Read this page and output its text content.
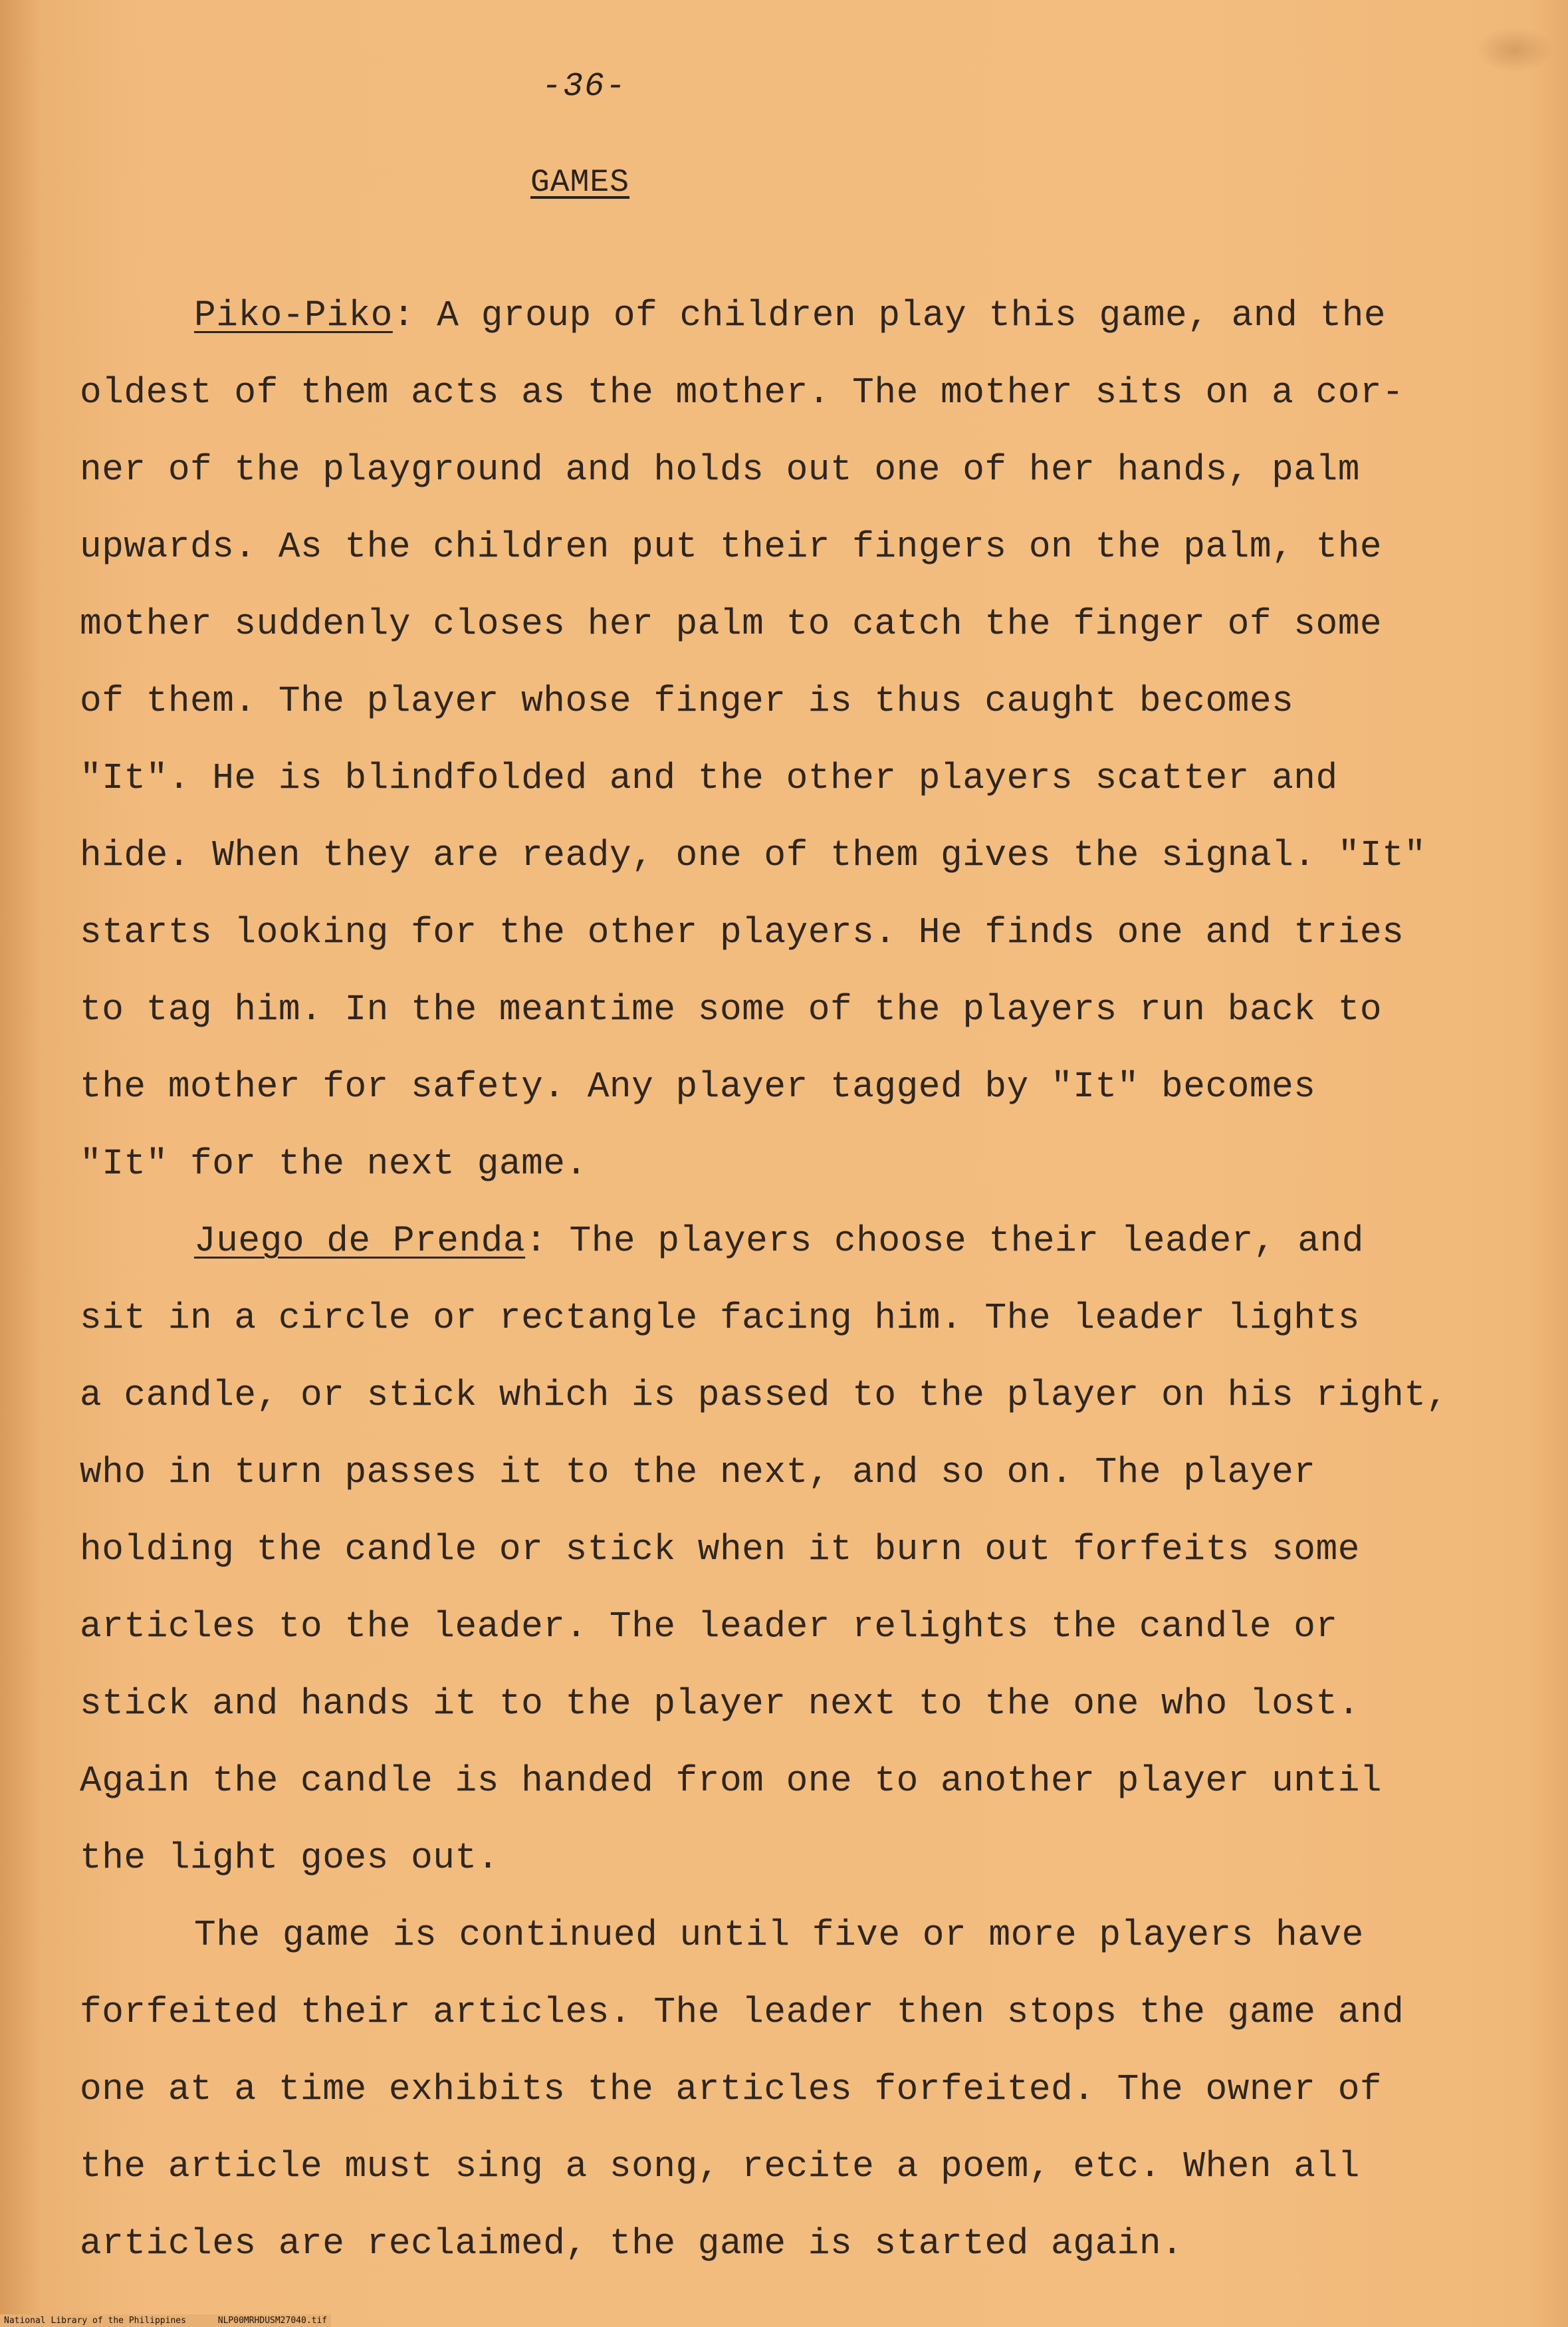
-36-
GAMES
Piko-Piko: A group of children play this game, and the
oldest of them acts as the mother. The mother sits on a cor-
ner of the playground and holds out one of her hands, palm
upwards. As the children put their fingers on the palm, the
mother suddenly closes her palm to catch the finger of some
of them. The player whose finger is thus caught becomes
"It". He is blindfolded and the other players scatter and
hide. When they are ready, one of them gives the signal. "It"
starts looking for the other players. He finds one and tries
to tag him. In the meantime some of the players run back to
the mother for safety. Any player tagged by "It" becomes
"It" for the next game.
Juego de Prenda: The players choose their leader, and
sit in a circle or rectangle facing him. The leader lights
a candle, or stick which is passed to the player on his right,
who in turn passes it to the next, and so on. The player
holding the candle or stick when it burn out forfeits some
articles to the leader. The leader relights the candle or
stick and hands it to the player next to the one who lost.
Again the candle is handed from one to another player until
the light goes out.
The game is continued until five or more players have
forfeited their articles. The leader then stops the game and
one at a time exhibits the articles forfeited. The owner of
the article must sing a song, recite a poem, etc. When all
articles are reclaimed, the game is started again.
National Library of the Philippines	NLP00MRHDUSM27040.tif
